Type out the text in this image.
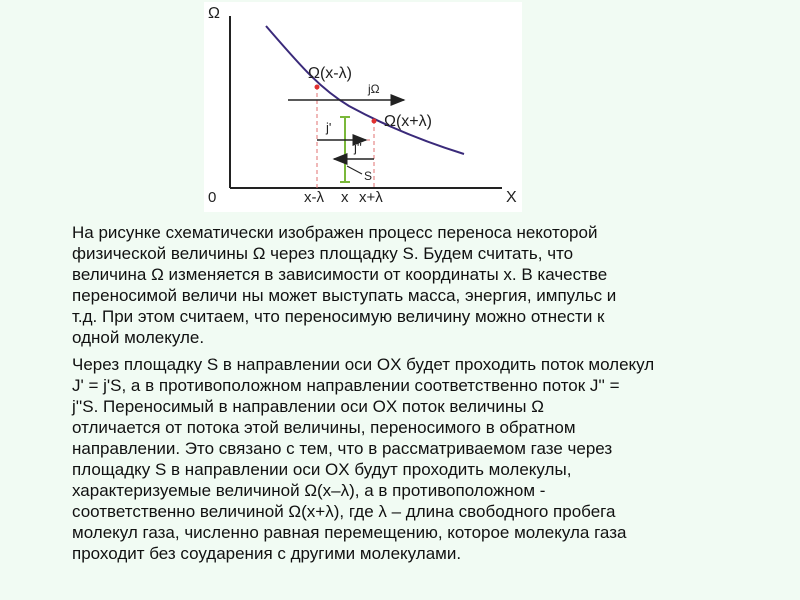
Ω
X
0
Ω(x-λ)
Ω(x+λ)
jΩ
j'
j''
S
x-λ x x+λ
На рисунке схематически изображен процесс переноса некоторой
физической величины Ω через площадку S. Будем считать, что
величина Ω изменяется в зависимости от координаты x. В качестве
переносимой величи ны может выступать масса, энергия, импульс и
т.д. При этом считаем, что переносимую величину можно отнести к
одной молекуле.
Через площадку S в направлении оси OX будет проходить поток молекул
J' = j'S, а в противоположном направлении соответственно поток J'' =
j''S. Переносимый в направлении оси OX поток величины Ω
отличается от потока этой величины, переносимого в обратном
направлении. Это связано с тем, что в рассматриваемом газе через
площадку S в направлении оси OX будут проходить молекулы,
характеризуемые величиной Ω(x–λ), а в противоположном -
соответственно величиной Ω(x+λ), где λ – длина свободного пробега
молекул газа, численно равная перемещению, которое молекула газа
проходит без соударения с другими молекулами.
